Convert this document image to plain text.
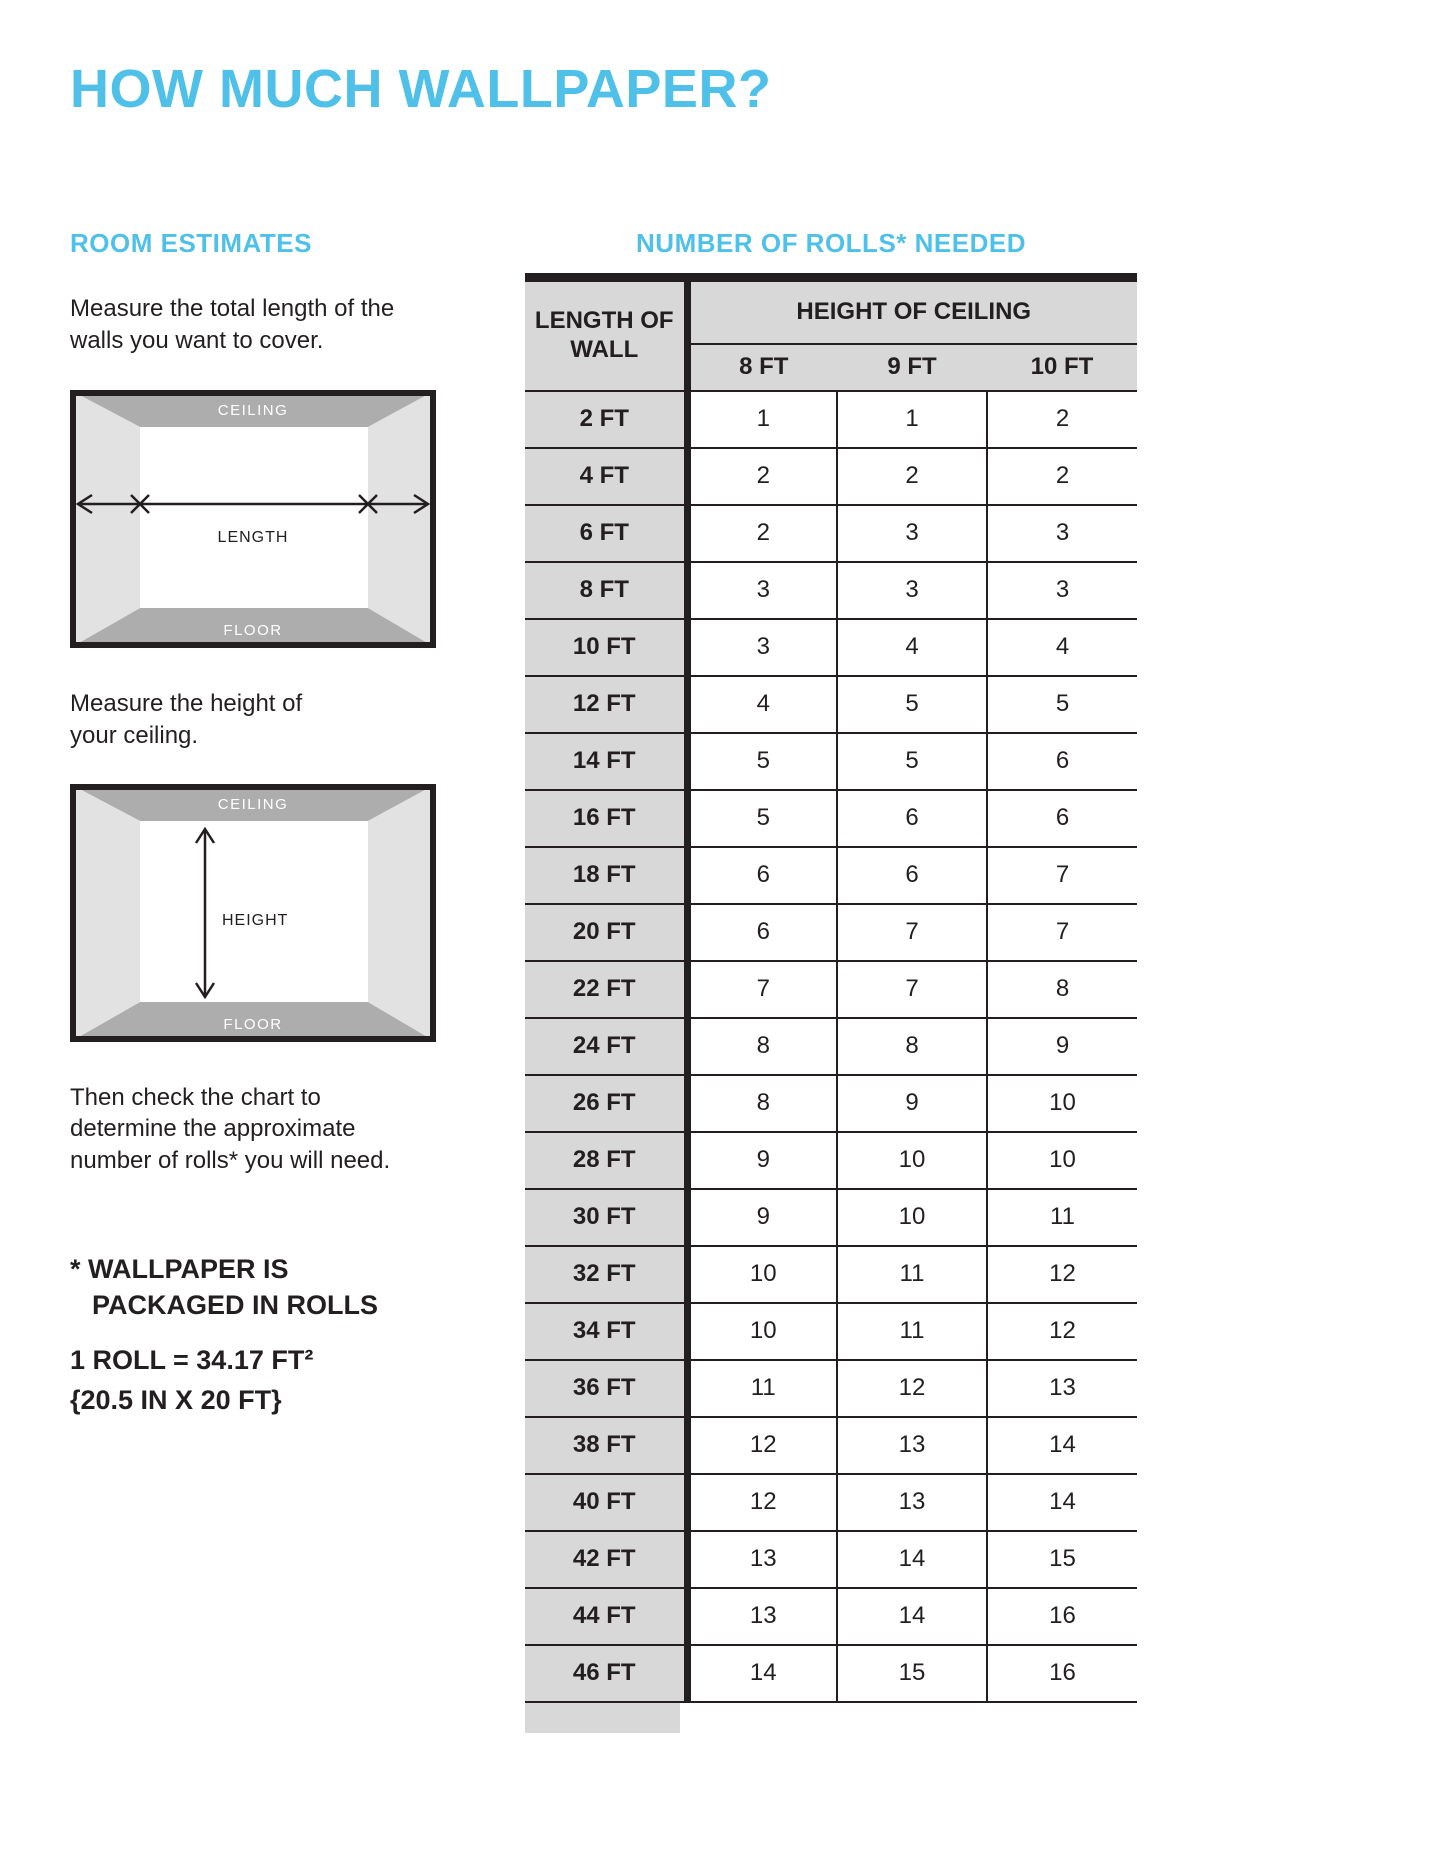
HOW MUCH WALLPAPER?
ROOM ESTIMATES

Measure the total length of the walls you want to cover.

CEILING
FLOOR
LENGTH

Measure the height of your ceiling.

CEILING
FLOOR
HEIGHT

Then check the chart to determine the approximate number of rolls* you will need.

* WALLPAPER IS
PACKAGED IN ROLLS
1 ROLL = 34.17 FT²
{20.5 IN X 20 FT}
NUMBER OF ROLLS* NEEDED
LENGTH OF WALL	HEIGHT OF CEILING		
	8 FT	9 FT	10 FT
2 FT	1	1	2
4 FT	2	2	2
6 FT	2	3	3
8 FT	3	3	3
10 FT	3	4	4
12 FT	4	5	5
14 FT	5	5	6
16 FT	5	6	6
18 FT	6	6	7
20 FT	6	7	7
22 FT	7	7	8
24 FT	8	8	9
26 FT	8	9	10
28 FT	9	10	10
30 FT	9	10	11
32 FT	10	11	12
34 FT	10	11	12
36 FT	11	12	13
38 FT	12	13	14
40 FT	12	13	14
42 FT	13	14	15
44 FT	13	14	16
46 FT	14	15	16
